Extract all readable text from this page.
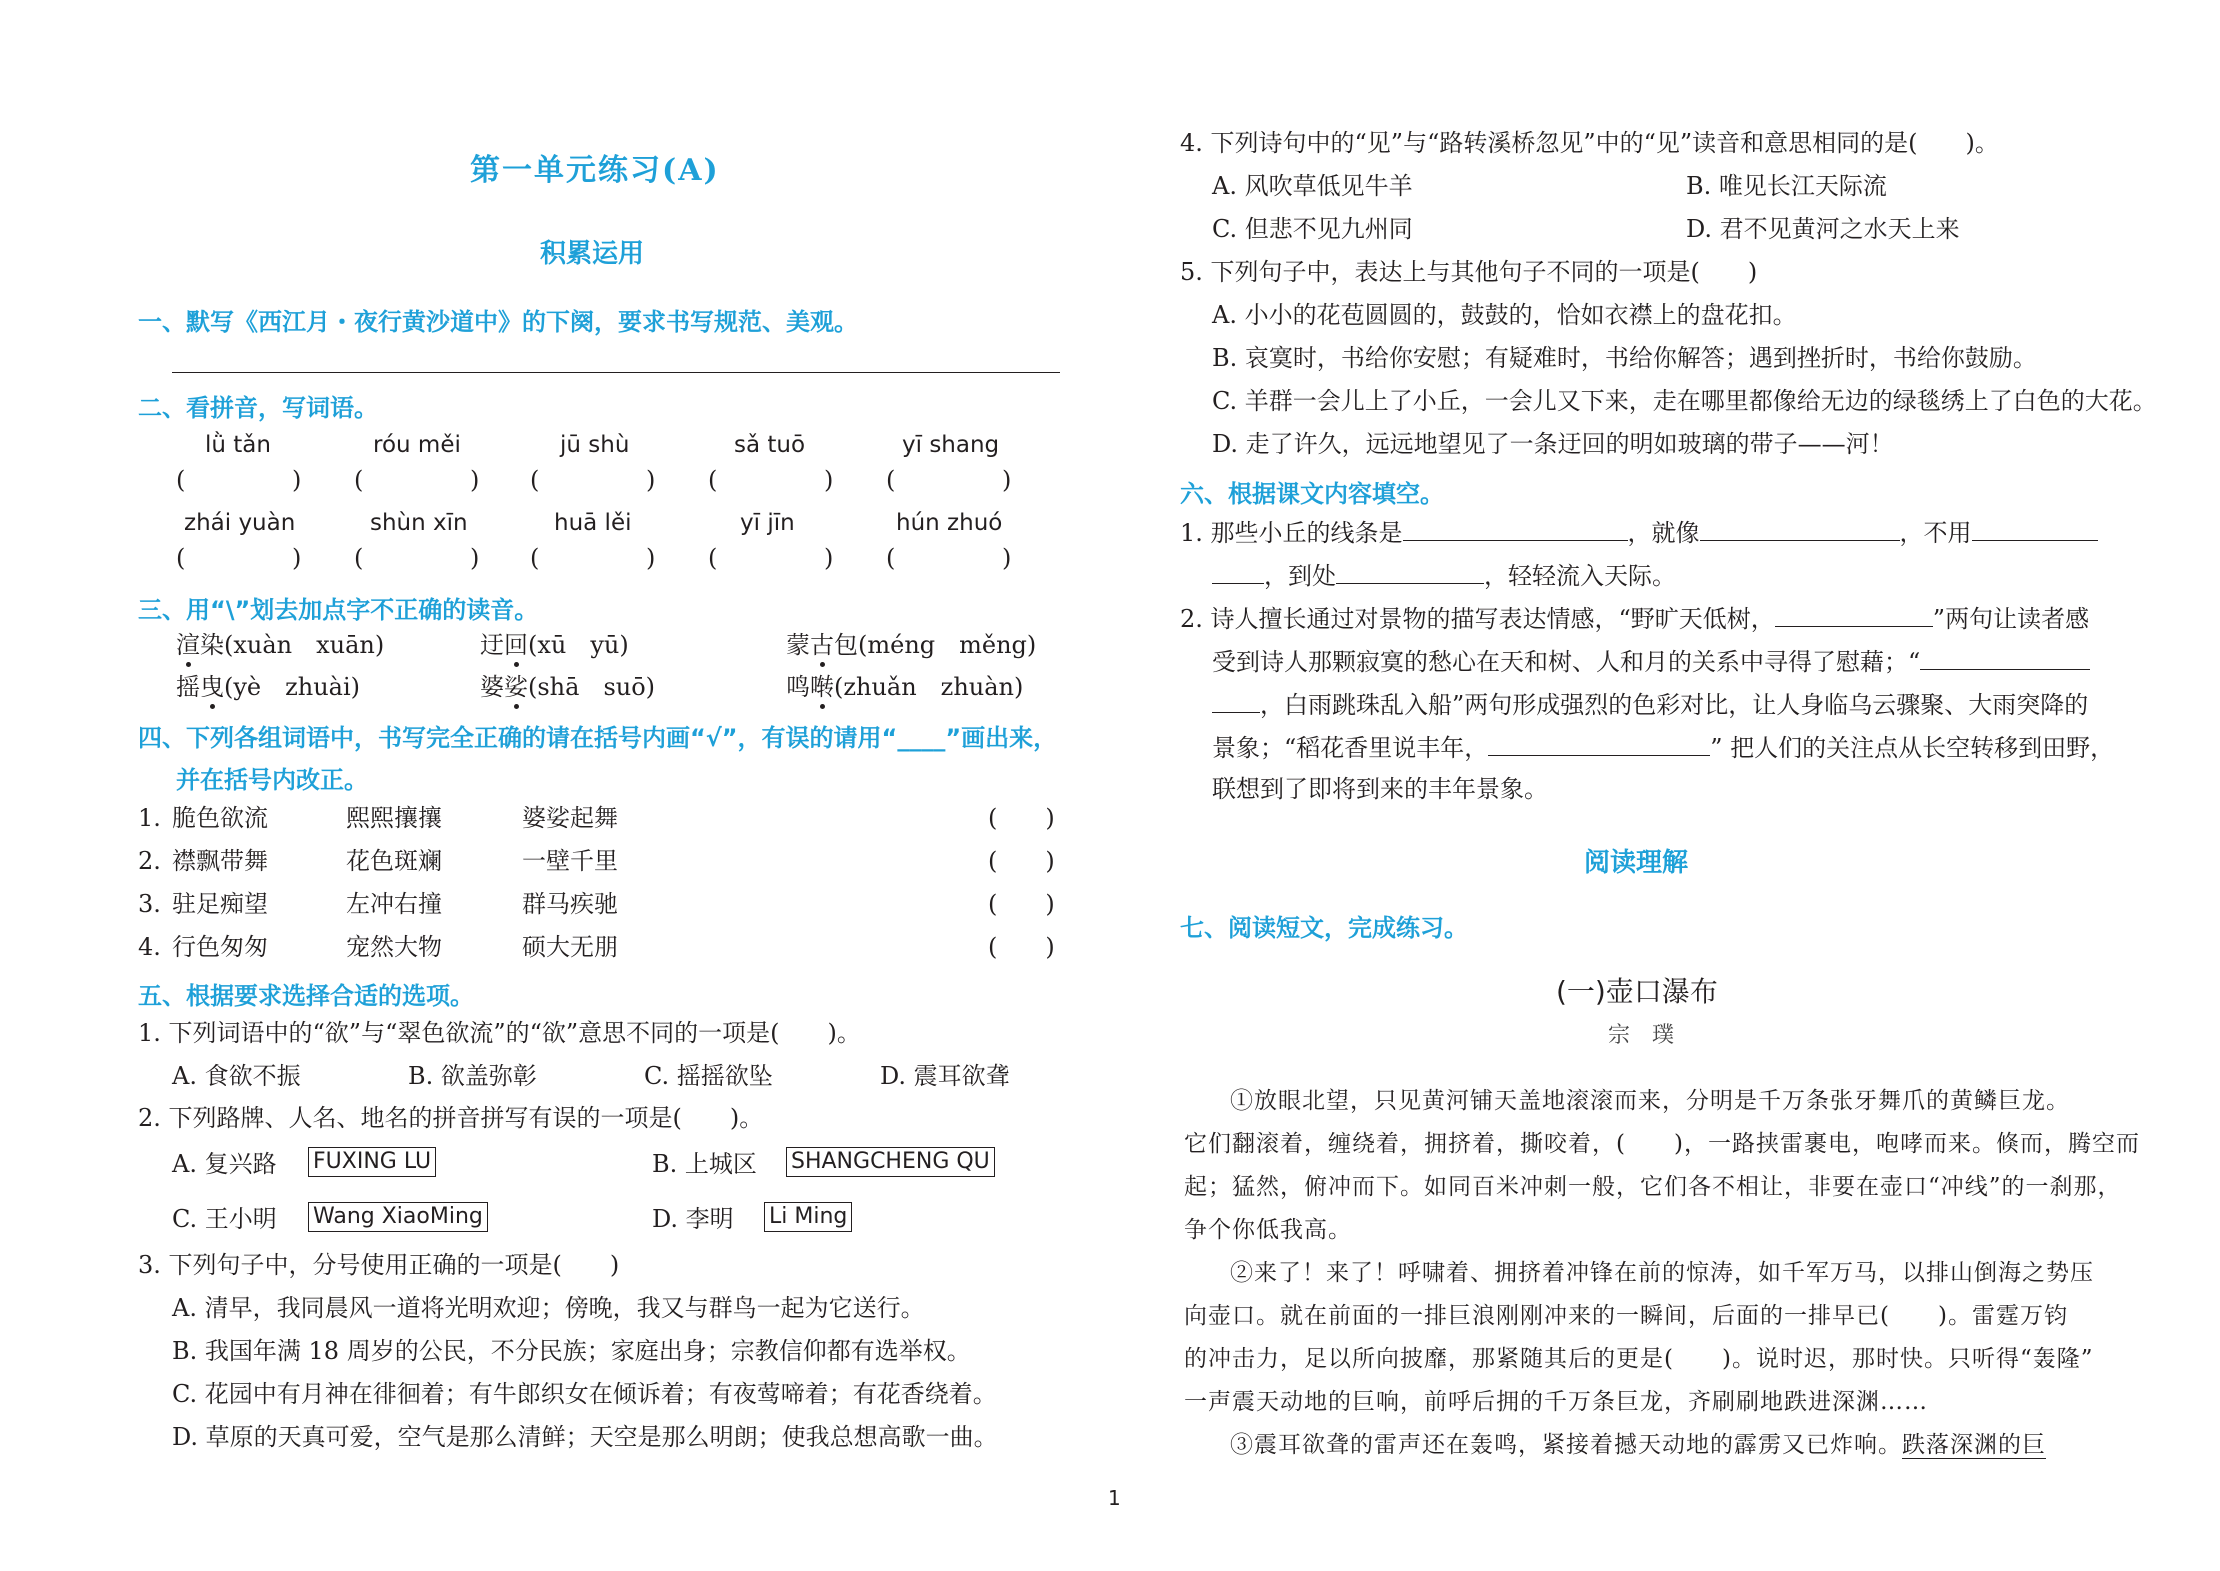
第一单元练习(A)
积累运用
一、默写《西江月・夜行黄沙道中》的下阕，要求书写规范、美观。
二、看拼音，写词语。
lǜ tǎn	róu měi	jū shù	sǎ tuō	yī shang
(	) (	) (	) (	) (	)
zhái yuàn	shùn xīn	huā lěi	yī jīn	hún zhuó
(	) (	) (	) (	) (	)
三、用“\”划去加点字不正确的读音。
渲染(xuàn　xuān)	迂回(xū　yū)	蒙古包(méng　měng)
摇曳(yè　zhuài)	婆娑(shā　suō)	鸣啭(zhuǎn　zhuàn)
四、下列各组词语中，书写完全正确的请在括号内画“√”，有误的请用“____”画出来，
并在括号内改正。
1. 脆色欲流	熙熙攘攘	婆娑起舞	(　　)
2. 襟飘带舞	花色斑斓	一壁千里	(　　)
3. 驻足痴望	左冲右撞	群马疾驰	(　　)
4. 行色匆匆	宠然大物	硕大无朋	(　　)
五、根据要求选择合适的选项。
1. 下列词语中的“欲”与“翠色欲流”的“欲”意思不同的一项是(　　)。
A. 食欲不振	B. 欲盖弥彰	C. 摇摇欲坠	D. 震耳欲聋
2. 下列路牌、人名、地名的拼音拼写有误的一项是(　　)。
A. 复兴路 FUXING LU	B. 上城区 SHANGCHENG QU
C. 王小明 Wang XiaoMing	D. 李明 Li Ming
3. 下列句子中，分号使用正确的一项是(　　)
A. 清早，我同晨风一道将光明欢迎；傍晚，我又与群鸟一起为它送行。
B. 我国年满 18 周岁的公民，不分民族；家庭出身；宗教信仰都有选举权。
C. 花园中有月神在徘徊着；有牛郎织女在倾诉着；有夜莺啼着；有花香绕着。
D. 草原的天真可爱，空气是那么清鲜；天空是那么明朗；使我总想高歌一曲。
1
4. 下列诗句中的“见”与“路转溪桥忽见”中的“见”读音和意思相同的是(　　)。
A. 风吹草低见牛羊	B. 唯见长江天际流
C. 但悲不见九州同	D. 君不见黄河之水天上来
5. 下列句子中，表达上与其他句子不同的一项是(　　)
A. 小小的花苞圆圆的，鼓鼓的，恰如衣襟上的盘花扣。
B. 哀寞时，书给你安慰；有疑难时，书给你解答；遇到挫折时，书给你鼓励。
C. 羊群一会儿上了小丘，一会儿又下来，走在哪里都像给无边的绿毯绣上了白色的大花。
D. 走了许久，远远地望见了一条迂回的明如玻璃的带子——河！
六、根据课文内容填空。
1. 那些小丘的线条是	，就像	，不用
，到处	，轻轻流入天际。
2. 诗人擅长通过对景物的描写表达情感，“野旷天低树，	”两句让读者感
受到诗人那颗寂寞的愁心在天和树、人和月的关系中寻得了慰藉；“
，白雨跳珠乱入船”两句形成强烈的色彩对比，让人身临乌云骤聚、大雨突降的
景象；“稻花香里说丰年，	” 把人们的关注点从长空转移到田野，
联想到了即将到来的丰年景象。
阅读理解
七、阅读短文，完成练习。
(一)壶口瀑布
宗　璞
①放眼北望，只见黄河铺天盖地滚滚而来，分明是千万条张牙舞爪的黄鳞巨龙。
它们翻滚着，缠绕着，拥挤着，撕咬着，(　　)，一路挟雷裹电，咆哮而来。倏而，腾空而
起；猛然，俯冲而下。如同百米冲刺一般，它们各不相让，非要在壶口“冲线”的一刹那，
争个你低我高。
②来了！来了！呼啸着、拥挤着冲锋在前的惊涛，如千军万马，以排山倒海之势压
向壶口。就在前面的一排巨浪刚刚冲来的一瞬间，后面的一排早已(　　)。雷霆万钧
的冲击力，足以所向披靡，那紧随其后的更是(　　)。说时迟，那时快。只听得“轰隆”
一声震天动地的巨响，前呼后拥的千万条巨龙，齐刷刷地跌进深渊……
③震耳欲聋的雷声还在轰鸣，紧接着撼天动地的霹雳又已炸响。跌落深渊的巨
